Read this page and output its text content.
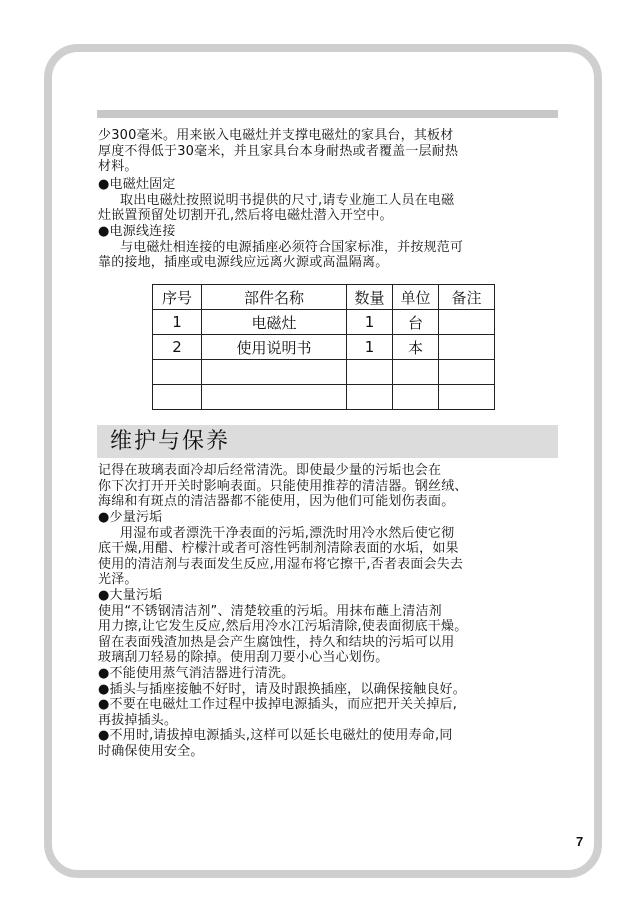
少300毫米。用来嵌入电磁灶并支撑电磁灶的家具台，其板材
厚度不得低于30毫米，并且家具台本身耐热或者覆盖一层耐热
材料。
●电磁灶固定
取出电磁灶按照说明书提供的尺寸,请专业施工人员在电磁
灶嵌置预留处切割开孔,然后将电磁灶潜入开空中。
●电源线连接
与电磁灶相连接的电源插座必须符合国家标准，并按规范可
靠的接地，插座或电源线应远离火源或高温隔离。
序号	部件名称	数量	单位	备注
1	电磁灶	1	台	
2	使用说明书	1	本	

维护与保养
记得在玻璃表面冷却后经常清洗。即使最少量的污垢也会在
你下次打开开关时影响表面。只能使用推荐的清洁器。钢丝绒、
海绵和有斑点的清洁器都不能使用，因为他们可能划伤表面。
●少量污垢
用湿布或者漂洗干净表面的污垢,漂洗时用冷水然后使它彻
底干燥,用醋、柠檬汁或者可溶性钙制剂清除表面的水垢，如果
使用的清洁剂与表面发生反应,用湿布将它擦干,否者表面会失去
光泽。
●大量污垢
使用“不锈钢清洁剂”、清楚较重的污垢。用抹布蘸上清洁剂
用力擦,让它发生反应,然后用冷水冮污垢清除,使表面彻底干燥。
留在表面残渣加热是会产生腐蚀性，持久和结块的污垢可以用
玻璃刮刀轻易的除掉。使用刮刀要小心当心划伤。
●不能使用蒸气消洁器进行清洗。
●插头与插座接触不好时，请及时跟换插座，以确保接触良好。
●不要在电磁灶工作过程中拔掉电源插头，而应把开关关掉后,
再拔掉插头。
●不用时,请拔掉电源插头,这样可以延长电磁灶的使用寿命,同
时确保使用安全。
7
